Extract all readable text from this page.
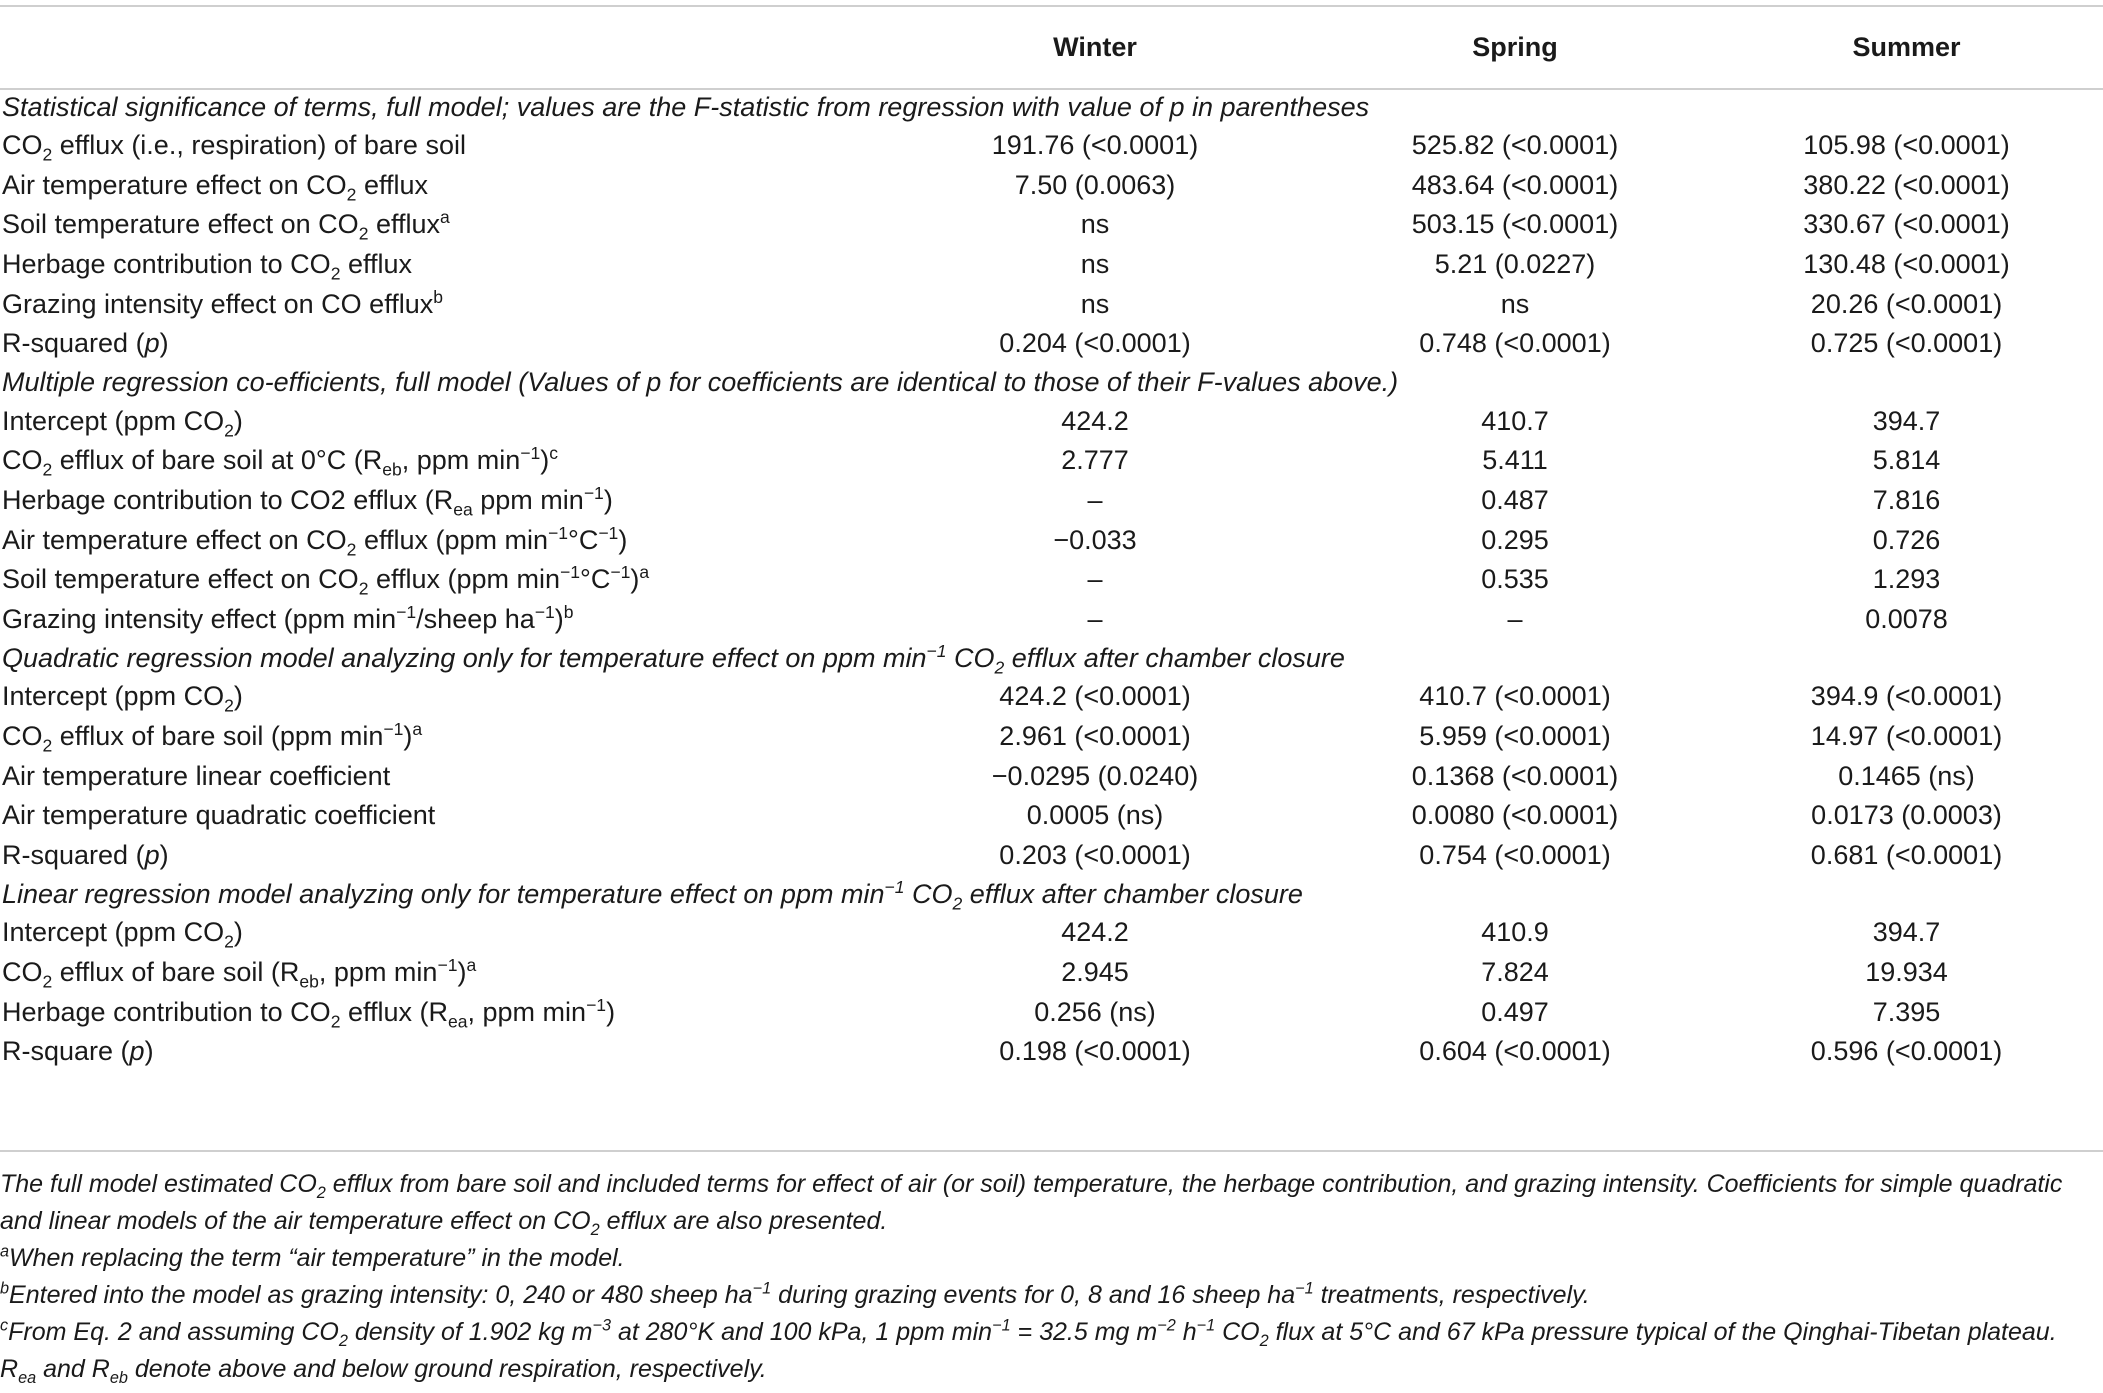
	Winter	Spring	Summer
Statistical significance of terms, full model; values are the F-statistic from regression with value of p in parentheses			
$CO_2$ efflux (i.e., respiration) of bare soil	191.76 (<0.0001)	525.82 (<0.0001)	105.98 (<0.0001)
Air temperature effect on $CO_2$ efflux	7.50 (0.0063)	483.64 (<0.0001)	380.22 (<0.0001)
Soil temperature effect on $CO_2$ efflux$^a$	ns	503.15 (<0.0001)	330.67 (<0.0001)
Herbage contribution to $CO_2$ efflux	ns	5.21 (0.0227)	130.48 (<0.0001)
Grazing intensity effect on CO efflux$^b$	ns	ns	20.26 (<0.0001)
R-squared (p)	0.204 (<0.0001)	0.748 (<0.0001)	0.725 (<0.0001)
Multiple regression co-efficients, full model (Values of p for coefficients are identical to those of their F-values above.)			
Intercept (ppm $CO_2$)	424.2	410.7	394.7
$CO_2$ efflux of bare soil at 0°C ($R_{eb}$, ppm $\min^{-1})^c$	2.777	5.411	5.814
Herbage contribution to CO2 efflux ($R_{ea}$ ppm $\min^{-1}$)	–	0.487	7.816
Air temperature effect on $CO_2$ efflux (ppm $\min^{-1}^\circ C^{-1}$)	−0.033	0.295	0.726
Soil temperature effect on $CO_2$ efflux (ppm $\min^{-1}^\circ C^{-1})^a$	–	0.535	1.293
Grazing intensity effect (ppm $\min^{-1}$/sheep $ha^{-1})^b$	–	–	0.0078
Quadratic regression model analyzing only for temperature effect on ppm $\min^{-1} CO_2$ efflux after chamber closure			
Intercept (ppm $CO_2$)	424.2 (<0.0001)	410.7 (<0.0001)	394.9 (<0.0001)
$CO_2$ efflux of bare soil (ppm $\min^{-1})^a$	2.961 (<0.0001)	5.959 (<0.0001)	14.97 (<0.0001)
Air temperature linear coefficient	−0.0295 (0.0240)	0.1368 (<0.0001)	0.1465 (ns)
Air temperature quadratic coefficient	0.0005 (ns)	0.0080 (<0.0001)	0.0173 (0.0003)
R-squared (p)	0.203 (<0.0001)	0.754 (<0.0001)	0.681 (<0.0001)
Linear regression model analyzing only for temperature effect on ppm $\min^{-1} CO_2$ efflux after chamber closure			
Intercept (ppm $CO_2$)	424.2	410.9	394.7
$CO_2$ efflux of bare soil ($R_{eb}$, ppm $\min^{-1})^a$	2.945	7.824	19.934
Herbage contribution to $CO_2$ efflux ($R_{ea}$, ppm $\min^{-1}$)	0.256 (ns)	0.497	7.395
R-square (p)	0.198 (<0.0001)	0.604 (<0.0001)	0.596 (<0.0001)
The full model estimated $CO_2$ efflux from bare soil and included terms for effect of air (or soil) temperature, the herbage contribution, and grazing intensity. Coefficients for simple quadratic and linear models of the air temperature effect on $CO_2$ efflux are also presented.
$^a$When replacing the term “air temperature” in the model.
$^b$Entered into the model as grazing intensity: 0, 240 or 480 sheep $ha^{-1}$ during grazing events for 0, 8 and 16 sheep $ha^{-1}$ treatments, respectively.
$^c$From Eq. 2 and assuming $CO_2$ density of 1.902 kg $m^{-3}$ at 280°K and 100 kPa, 1 ppm $\min^{-1} = 32.5$ mg $m^{-2}$ $h^{-1}$ $CO_2$ flux at 5°C and 67 kPa pressure typical of the Qinghai-Tibetan plateau. $R_{ea}$ and $R_{eb}$ denote above and below ground respiration, respectively.
